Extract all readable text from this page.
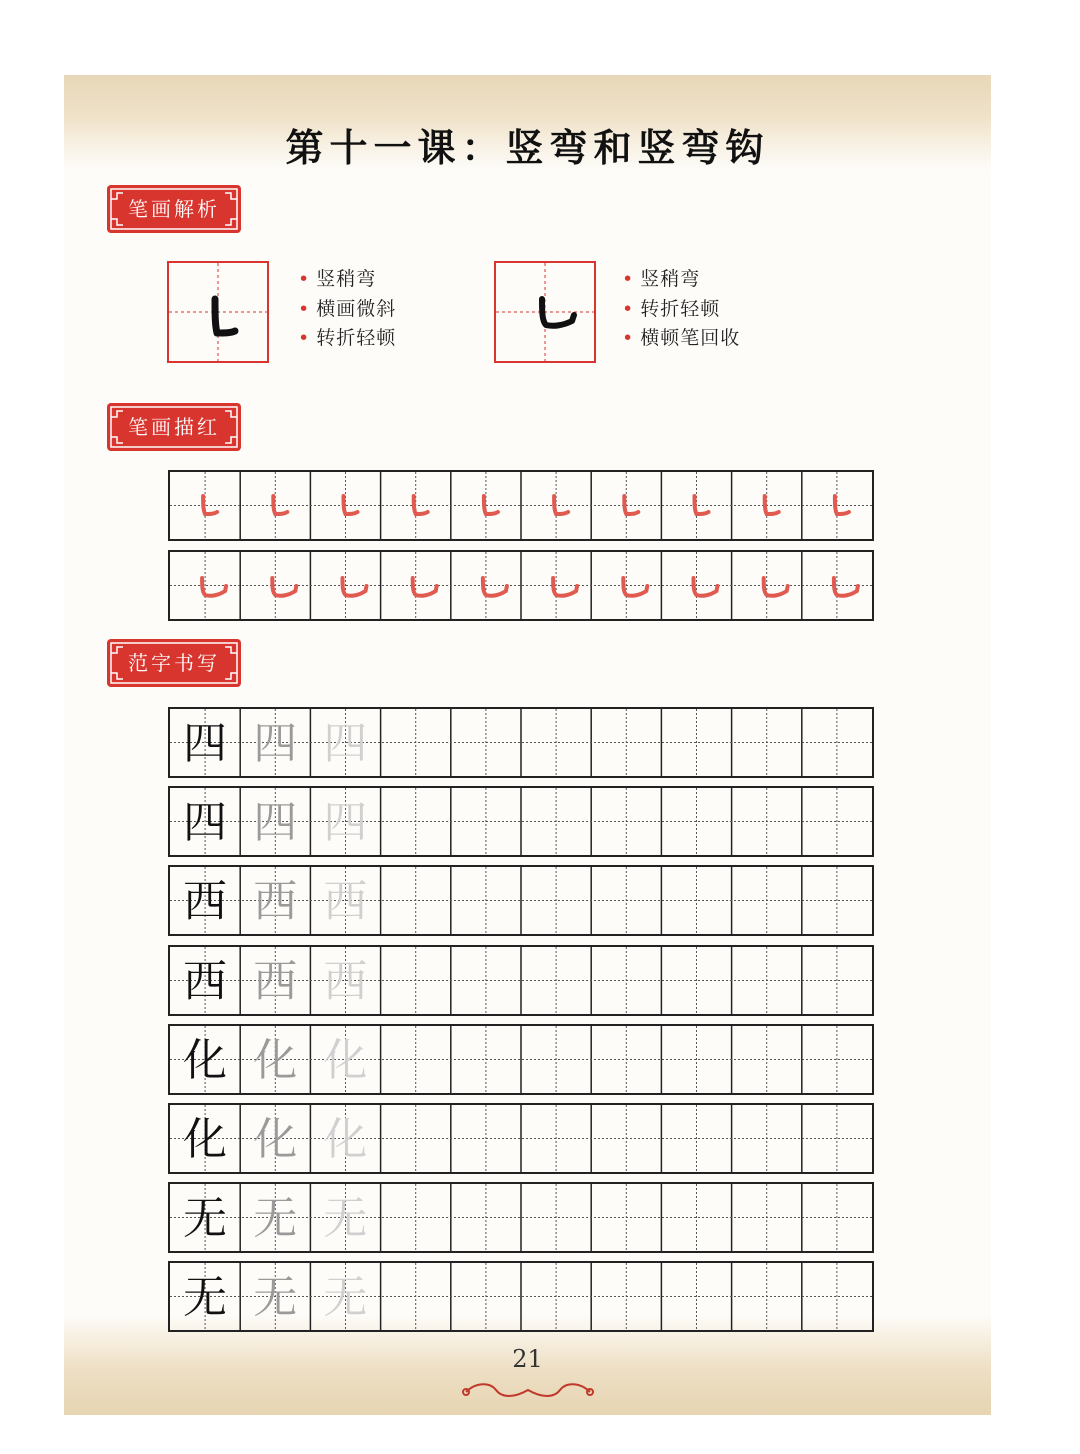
第十一课：竖弯和竖弯钩
笔画解析
• 竖稍弯
• 横画微斜
• 转折轻顿
• 竖稍弯
• 转折轻顿
• 横顿笔回收
笔画描红
范字书写
四 四 四
四 四 四
西 西 西
西 西 西
化 化 化
化 化 化
无 无 无
无 无 无
21
